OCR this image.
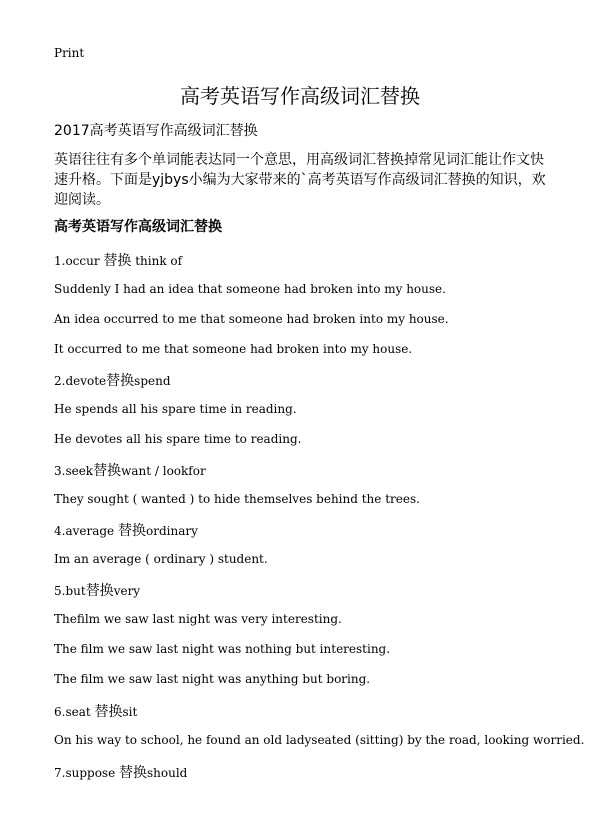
Print
高考英语写作高级词汇替换
2017高考英语写作高级词汇替换
英语往往有多个单词能表达同一个意思，用高级词汇替换掉常见词汇能让作文快速升格。下面是yjbys小编为大家带来的`高考英语写作高级词汇替换的知识，欢迎阅读。
高考英语写作高级词汇替换
1.occur 替换 think of
Suddenly I had an idea that someone had broken into my house.
An idea occurred to me that someone had broken into my house.
It occurred to me that someone had broken into my house.
2.devote替换spend
He spends all his spare time in reading.
He devotes all his spare time to reading.
3.seek替换want / lookfor
They sought ( wanted ) to hide themselves behind the trees.
4.average 替换ordinary
Im an average ( ordinary ) student.
5.but替换very
Thefilm we saw last night was very interesting.
The film we saw last night was nothing but interesting.
The film we saw last night was anything but boring.
6.seat 替换sit
On his way to school, he found an old ladyseated (sitting) by the road, looking worried.
7.suppose 替换should
